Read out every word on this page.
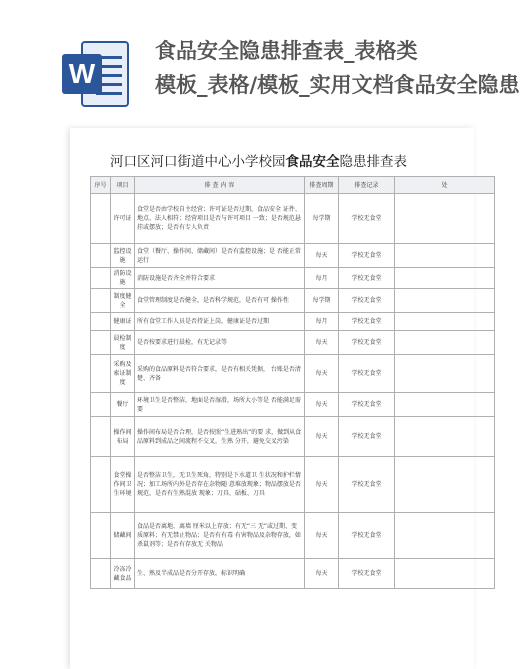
W
食品安全隐患排查表_表格类
模板_表格/模板_实用文档食品安全隐患
河口区河口街道中心小学校园食品安全隐患排查表
序号	项目	排 查 内 容	排查周期	排查记录	处
	许可证	食堂是否由学校自主经营；许可证是否过期，食品安全 证件、地点、法人相符；经营项目是否与许可项目 一致；是否规范悬挂或摆放；是否有专人负责	每学期	学校无食堂	
	监控设施	食堂（餐厅、操作间、储藏间）是否有监控设施；是 否能正常运行	每天	学校无食堂	
	消防设施	消防设施是否齐全并符合要求	每月	学校无食堂	
	制度健全	食堂管理制度是否健全，是否科学规范，是否有可 操作性	每学期	学校无食堂	
	健康证	所有食堂工作人员是否持证上岗，健康证是否过期	每月	学校无食堂	
	晨检制度	是否按要求进行晨检，有无记录等	每天	学校无食堂	
	采购及索证制度	采购的食品原料是否符合要求，是否有相关凭据， 台账是否清楚、齐备	每天	学校无食堂	
	餐厅	环境卫生是否整洁，地面是否湿滑，场所大小等是 否能满足需要	每天	学校无食堂	
	操作间布局	操作间布局是否合理，是否按照“生进熟出”的要 求，做到从食品原料到成品之间流程不交叉，生熟 分开，避免交叉污染	每天	学校无食堂	
	食堂操作间卫生环境	是否整洁卫生，无卫生死角，特别是下水道卫 生状况和护栏情况；加工场所内外是否存在杂物随 意堆放现象；物品摆放是否规范，是否有生熟混放 现象；刀具、砧板、刀具	每天	学校无食堂	
	储藏间	食品是否离地、离墙 厘米以上存放；有无“三 无”或过期、变质原料；有无禁止物品；是否有有毒 有害物品及杂物存放，如杀鼠剂等；是否有存放无 关物品	每天	学校无食堂	
	冷冻冷藏食品	生、熟及半成品是否分开存放，标识明确	每天	学校无食堂	
